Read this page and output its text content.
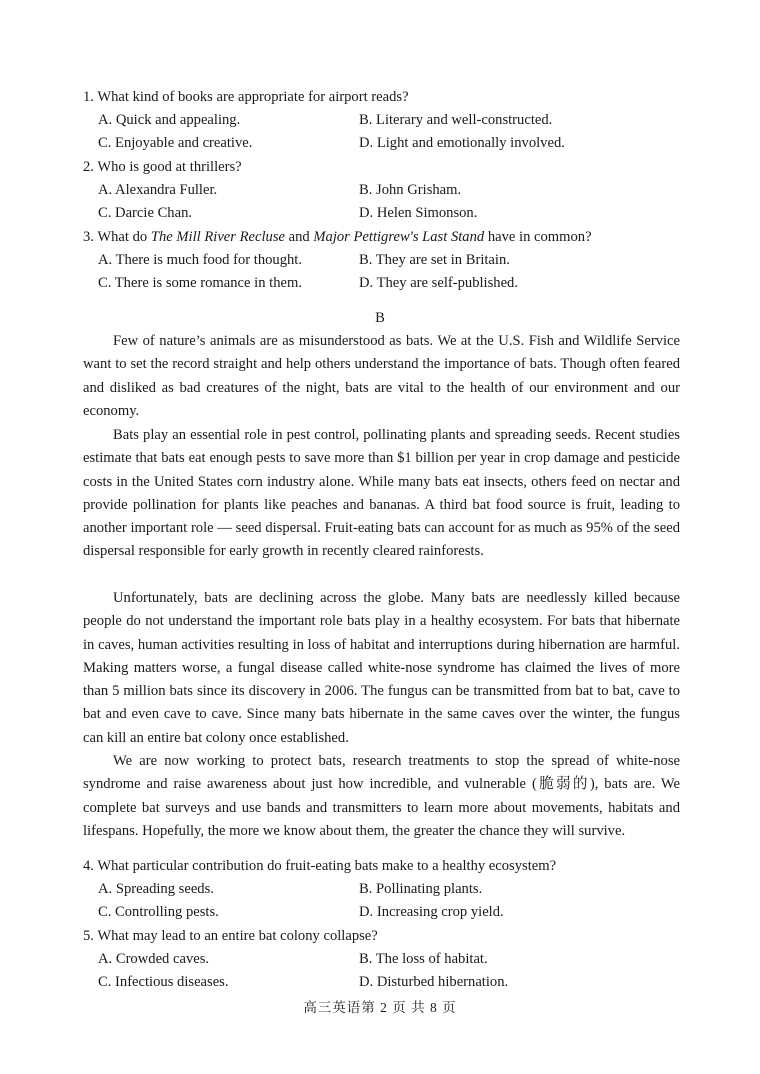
1. What kind of books are appropriate for airport reads?
A. Quick and appealing.	B. Literary and well-constructed.
C. Enjoyable and creative.	D. Light and emotionally involved.
2. Who is good at thrillers?
A. Alexandra Fuller.	B. John Grisham.
C. Darcie Chan.	D. Helen Simonson.
3. What do The Mill River Recluse and Major Pettigrew's Last Stand have in common?
A. There is much food for thought.	B. They are set in Britain.
C. There is some romance in them.	D. They are self-published.
B
Few of nature’s animals are as misunderstood as bats. We at the U.S. Fish and Wildlife Service want to set the record straight and help others understand the importance of bats. Though often feared and disliked as bad creatures of the night, bats are vital to the health of our environment and our economy.
Bats play an essential role in pest control, pollinating plants and spreading seeds. Recent studies estimate that bats eat enough pests to save more than $1 billion per year in crop damage and pesticide costs in the United States corn industry alone. While many bats eat insects, others feed on nectar and provide pollination for plants like peaches and bananas. A third bat food source is fruit, leading to another important role — seed dispersal. Fruit-eating bats can account for as much as 95% of the seed dispersal responsible for early growth in recently cleared rainforests.
Unfortunately, bats are declining across the globe. Many bats are needlessly killed because people do not understand the important role bats play in a healthy ecosystem. For bats that hibernate in caves, human activities resulting in loss of habitat and interruptions during hibernation are harmful. Making matters worse, a fungal disease called white-nose syndrome has claimed the lives of more than 5 million bats since its discovery in 2006. The fungus can be transmitted from bat to bat, cave to bat and even cave to cave. Since many bats hibernate in the same caves over the winter, the fungus can kill an entire bat colony once established.
We are now working to protect bats, research treatments to stop the spread of white-nose syndrome and raise awareness about just how incredible, and vulnerable (脆弱的), bats are. We complete bat surveys and use bands and transmitters to learn more about movements, habitats and lifespans. Hopefully, the more we know about them, the greater the chance they will survive.
4. What particular contribution do fruit-eating bats make to a healthy ecosystem?
A. Spreading seeds.	B. Pollinating plants.
C. Controlling pests.	D. Increasing crop yield.
5. What may lead to an entire bat colony collapse?
A. Crowded caves.	B. The loss of habitat.
C. Infectious diseases.	D. Disturbed hibernation.
高三英语第 2 页 共 8 页
